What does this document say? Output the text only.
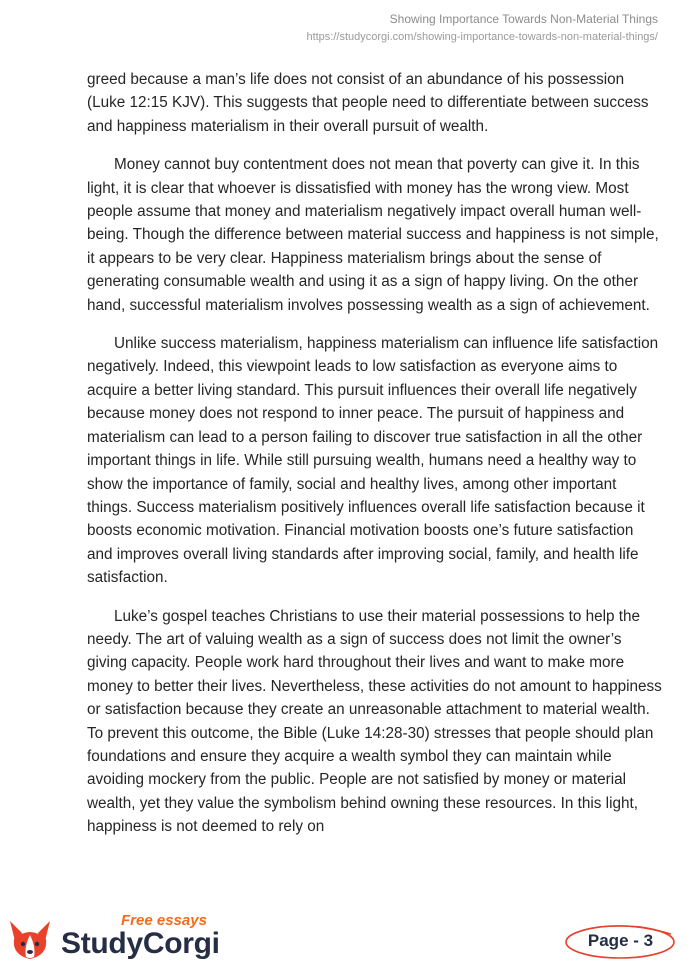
Showing Importance Towards Non-Material Things
https://studycorgi.com/showing-importance-towards-non-material-things/

greed because a man’s life does not consist of an abundance of his possession (Luke 12:15 KJV). This suggests that people need to differentiate between success and happiness materialism in their overall pursuit of wealth.

Money cannot buy contentment does not mean that poverty can give it. In this light, it is clear that whoever is dissatisfied with money has the wrong view. Most people assume that money and materialism negatively impact overall human well-being. Though the difference between material success and happiness is not simple, it appears to be very clear. Happiness materialism brings about the sense of generating consumable wealth and using it as a sign of happy living. On the other hand, successful materialism involves possessing wealth as a sign of achievement.

Unlike success materialism, happiness materialism can influence life satisfaction negatively. Indeed, this viewpoint leads to low satisfaction as everyone aims to acquire a better living standard. This pursuit influences their overall life negatively because money does not respond to inner peace. The pursuit of happiness and materialism can lead to a person failing to discover true satisfaction in all the other important things in life. While still pursuing wealth, humans need a healthy way to show the importance of family, social and healthy lives, among other important things. Success materialism positively influences overall life satisfaction because it boosts economic motivation. Financial motivation boosts one’s future satisfaction and improves overall living standards after improving social, family, and health life satisfaction.

Luke’s gospel teaches Christians to use their material possessions to help the needy. The art of valuing wealth as a sign of success does not limit the owner’s giving capacity. People work hard throughout their lives and want to make more money to better their lives. Nevertheless, these activities do not amount to happiness or satisfaction because they create an unreasonable attachment to material wealth. To prevent this outcome, the Bible (Luke 14:28-30) stresses that people should plan foundations and ensure they acquire a wealth symbol they can maintain while avoiding mockery from the public. People are not satisfied by money or material wealth, yet they value the symbolism behind owning these resources. In this light, happiness is not deemed to rely on

Free essays
StudyCorgi	Page - 3
